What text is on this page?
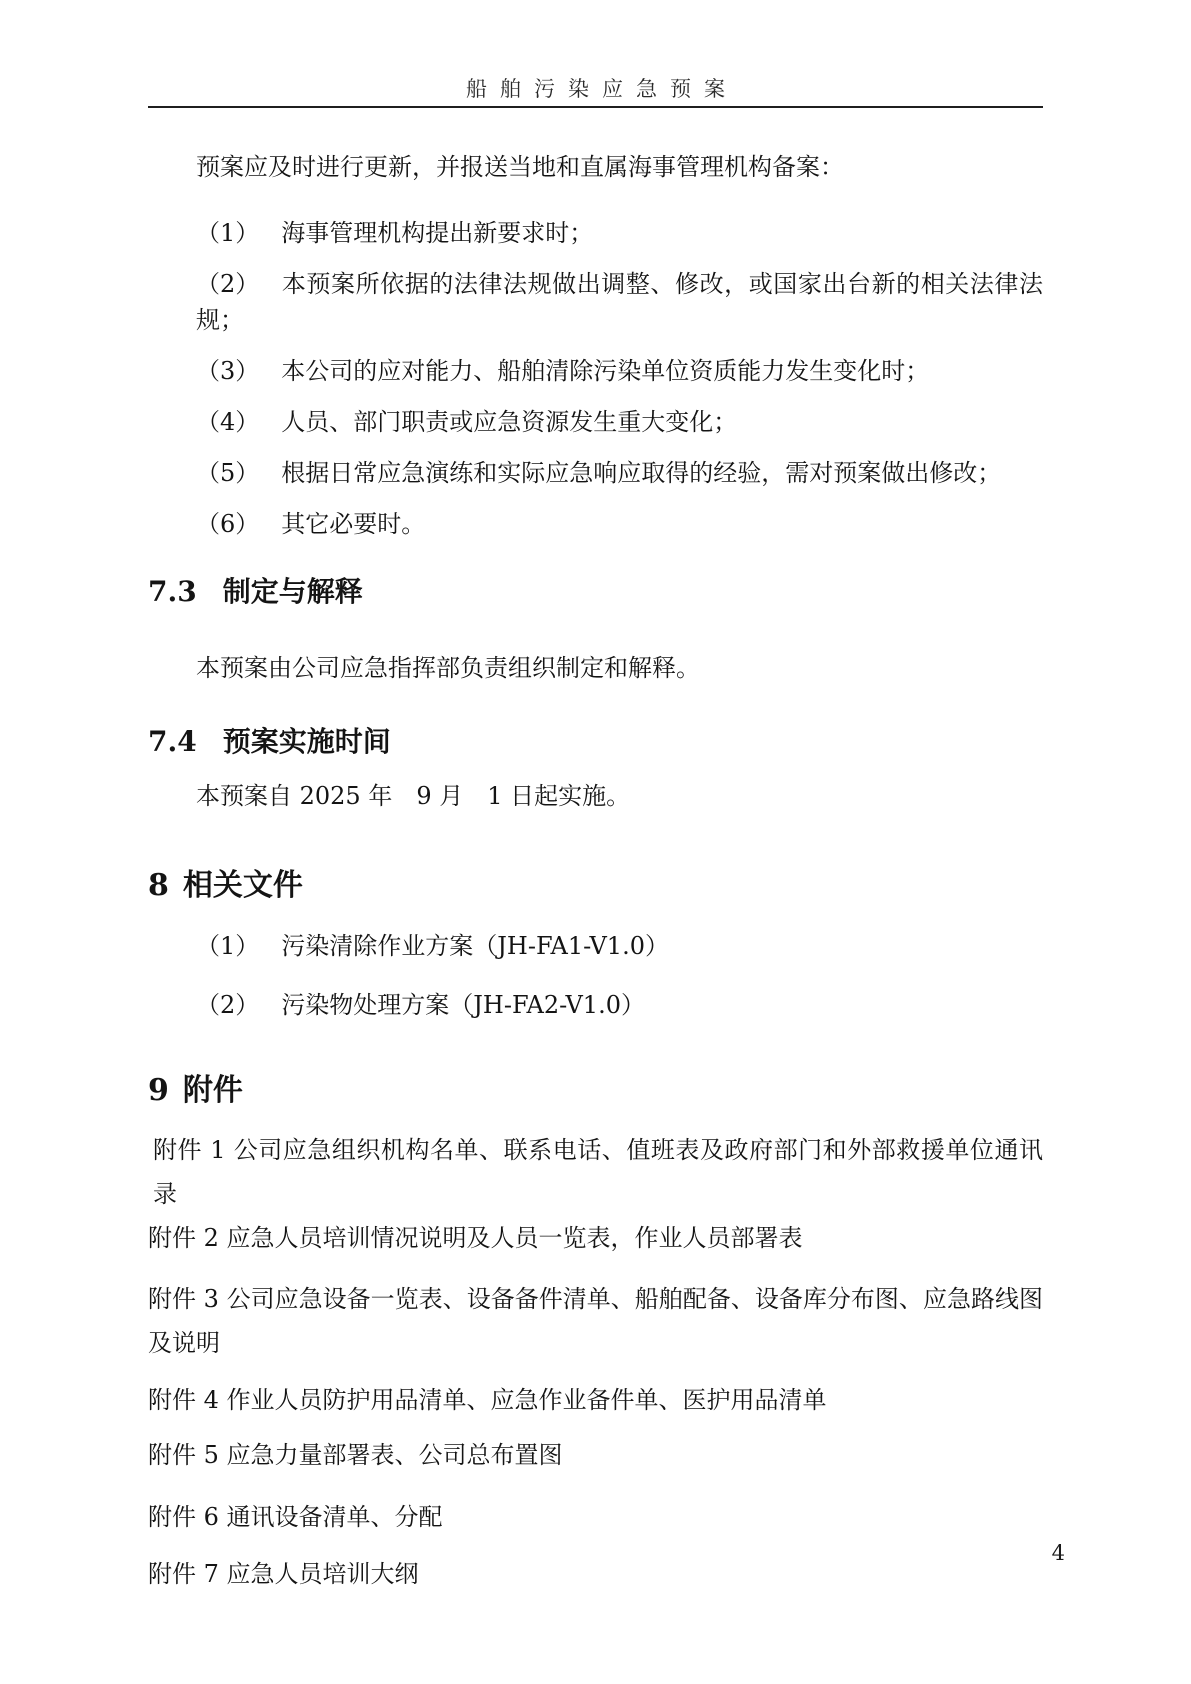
船舶污染应急预案

预案应及时进行更新，并报送当地和直属海事管理机构备案：

（1） 海事管理机构提出新要求时；

（2） 本预案所依据的法律法规做出调整、修改，或国家出台新的相关法律法规；

（3） 本公司的应对能力、船舶清除污染单位资质能力发生变化时；

（4） 人员、部门职责或应急资源发生重大变化；

（5） 根据日常应急演练和实际应急响应取得的经验，需对预案做出修改；

（6） 其它必要时。

7.3 制定与解释

本预案由公司应急指挥部负责组织制定和解释。

7.4 预案实施时间

本预案自 2025 年　9 月　1 日起实施。

8 相关文件

（1） 污染清除作业方案（JH-FA1-V1.0）

（2） 污染物处理方案（JH-FA2-V1.0）

9 附件

附件 1 公司应急组织机构名单、联系电话、值班表及政府部门和外部救援单位通讯录

附件 2 应急人员培训情况说明及人员一览表，作业人员部署表

附件 3 公司应急设备一览表、设备备件清单、船舶配备、设备库分布图、应急路线图及说明

附件 4 作业人员防护用品清单、应急作业备件单、医护用品清单

附件 5 应急力量部署表、公司总布置图

附件 6 通讯设备清单、分配

附件 7 应急人员培训大纲

4
